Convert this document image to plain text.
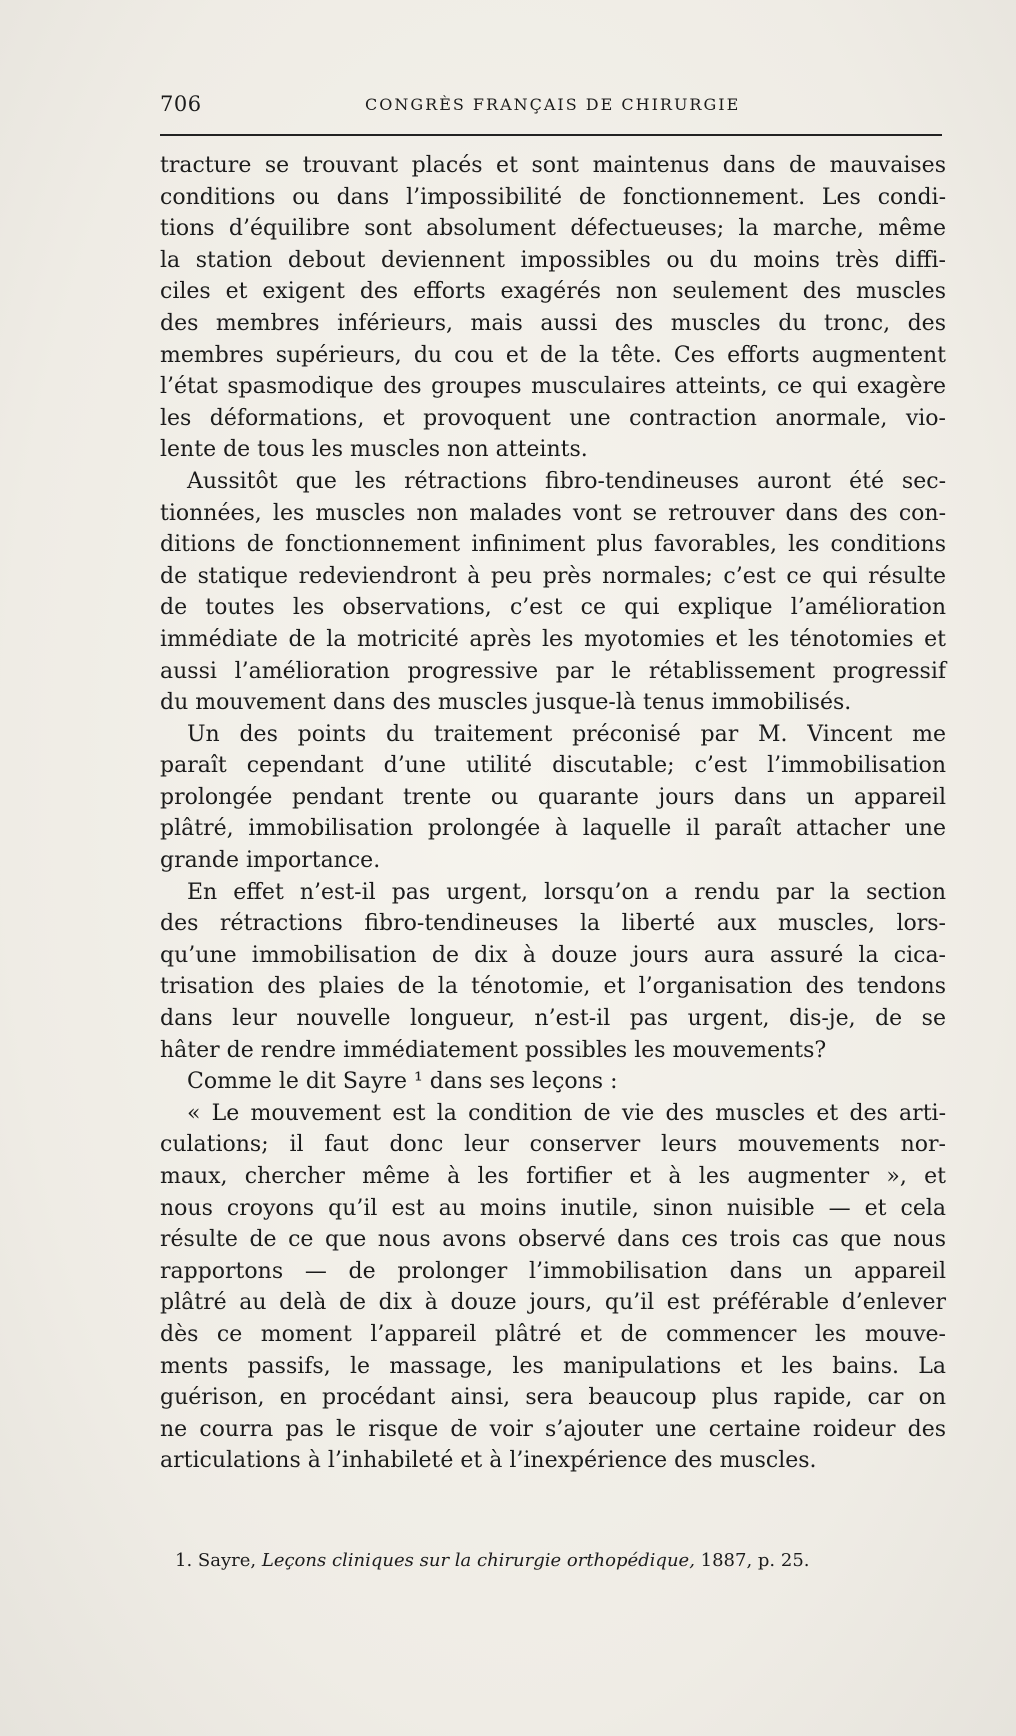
706	CONGRÈS FRANÇAIS DE CHIRURGIE
tracture se trouvant placés et sont maintenus dans de mauvaises
conditions ou dans l’impossibilité de fonctionnement. Les condi-
tions d’équilibre sont absolument défectueuses; la marche, même
la station debout deviennent impossibles ou du moins très diffi-
ciles et exigent des efforts exagérés non seulement des muscles
des membres inférieurs, mais aussi des muscles du tronc, des
membres supérieurs, du cou et de la tête. Ces efforts augmentent
l’état spasmodique des groupes musculaires atteints, ce qui exagère
les déformations, et provoquent une contraction anormale, vio-
lente de tous les muscles non atteints.
Aussitôt que les rétractions fibro-tendineuses auront été sec-
tionnées, les muscles non malades vont se retrouver dans des con-
ditions de fonctionnement infiniment plus favorables, les conditions
de statique redeviendront à peu près normales; c’est ce qui résulte
de toutes les observations, c’est ce qui explique l’amélioration
immédiate de la motricité après les myotomies et les ténotomies et
aussi l’amélioration progressive par le rétablissement progressif
du mouvement dans des muscles jusque-là tenus immobilisés.
Un des points du traitement préconisé par M. Vincent me
paraît cependant d’une utilité discutable; c’est l’immobilisation
prolongée pendant trente ou quarante jours dans un appareil
plâtré, immobilisation prolongée à laquelle il paraît attacher une
grande importance.
En effet n’est-il pas urgent, lorsqu’on a rendu par la section
des rétractions fibro-tendineuses la liberté aux muscles, lors-
qu’une immobilisation de dix à douze jours aura assuré la cica-
trisation des plaies de la ténotomie, et l’organisation des tendons
dans leur nouvelle longueur, n’est-il pas urgent, dis-je, de se
hâter de rendre immédiatement possibles les mouvements?
Comme le dit Sayre ¹ dans ses leçons :
« Le mouvement est la condition de vie des muscles et des arti-
culations; il faut donc leur conserver leurs mouvements nor-
maux, chercher même à les fortifier et à les augmenter », et
nous croyons qu’il est au moins inutile, sinon nuisible — et cela
résulte de ce que nous avons observé dans ces trois cas que nous
rapportons — de prolonger l’immobilisation dans un appareil
plâtré au delà de dix à douze jours, qu’il est préférable d’enlever
dès ce moment l’appareil plâtré et de commencer les mouve-
ments passifs, le massage, les manipulations et les bains. La
guérison, en procédant ainsi, sera beaucoup plus rapide, car on
ne courra pas le risque de voir s’ajouter une certaine roideur des
articulations à l’inhabileté et à l’inexpérience des muscles.
1. Sayre, Leçons cliniques sur la chirurgie orthopédique, 1887, p. 25.
